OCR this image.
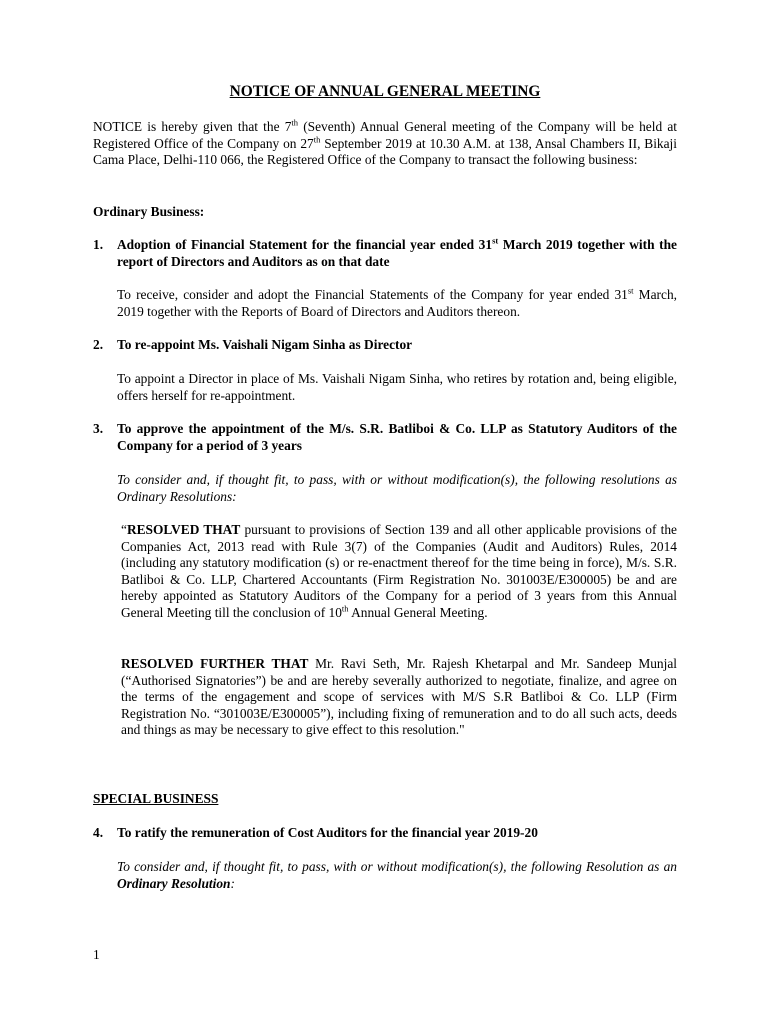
NOTICE OF ANNUAL GENERAL MEETING

NOTICE is hereby given that the 7th (Seventh) Annual General meeting of the Company will be held at Registered Office of the Company on 27th September 2019 at 10.30 A.M. at 138, Ansal Chambers II, Bikaji Cama Place, Delhi-110 066, the Registered Office of the Company to transact the following business:

Ordinary Business:
1. Adoption of Financial Statement for the financial year ended 31st March 2019 together with the report of Directors and Auditors as on that date

To receive, consider and adopt the Financial Statements of the Company for year ended 31st March, 2019 together with the Reports of Board of Directors and Auditors thereon.

2. To re-appoint Ms. Vaishali Nigam Sinha as Director
To appoint a Director in place of Ms. Vaishali Nigam Sinha, who retires by rotation and, being eligible, offers herself for re-appointment.
3. To approve the appointment of the M/s. S.R. Batliboi & Co. LLP as Statutory Auditors of the Company for a period of 3 years
To consider and, if thought fit, to pass, with or without modification(s), the following resolutions as Ordinary Resolutions:

“RESOLVED THAT pursuant to provisions of Section 139 and all other applicable provisions of the Companies Act, 2013 read with Rule 3(7) of the Companies (Audit and Auditors) Rules, 2014 (including any statutory modification (s) or re-enactment thereof for the time being in force), M/s. S.R. Batliboi & Co. LLP, Chartered Accountants (Firm Registration No. 301003E/E300005) be and are hereby appointed as Statutory Auditors of the Company for a period of 3 years from this Annual General Meeting till the conclusion of 10th Annual General Meeting.

RESOLVED FURTHER THAT Mr. Ravi Seth, Mr. Rajesh Khetarpal and Mr. Sandeep Munjal (“Authorised Signatories”) be and are hereby severally authorized to negotiate, finalize, and agree on the terms of the engagement and scope of services with M/S S.R Batliboi & Co. LLP (Firm Registration No. “301003E/E300005”), including fixing of remuneration and to do all such acts, deeds and things as may be necessary to give effect to this resolution."

SPECIAL BUSINESS
4. To ratify the remuneration of Cost Auditors for the financial year 2019-20

To consider and, if thought fit, to pass, with or without modification(s), the following Resolution as an Ordinary Resolution:

1
